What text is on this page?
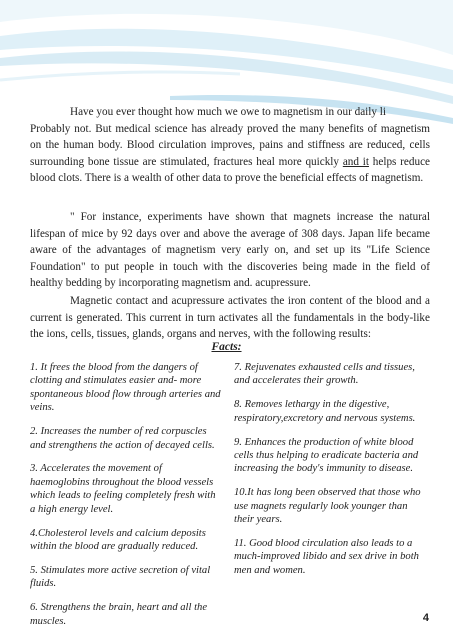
Have you ever thought how much we owe to magnetism in our daily li
Probably not. But medical science has already proved the many benefits of magnetism on the human body. Blood circulation improves, pains and stiffness are reduced, cells surrounding bone tissue are stimulated, fractures heal more quickly and it helps reduce blood clots. There is a wealth of other data to prove the beneficial effects of magnetism.

" For instance, experiments have shown that magnets increase the natural lifespan of mice by 92 days over and above the average of 308 days. Japan life became aware of the advantages of magnetism very early on, and set up its "Life Science Foundation" to put people in touch with the discoveries being made in the field of healthy bedding by incorporating magnetism and. acupressure.

Magnetic contact and acupressure activates the iron content of the blood and a current is generated. This current in turn activates all the fundamentals in the body-like the ions, cells, tissues, glands, organs and nerves, with the following results:

Facts:

1. It frees the blood from the dangers of clotting and stimulates easier and- more spontaneous blood flow through arteries and veins.

2. Increases the number of red corpuscles and strengthens the action of decayed cells.

3. Accelerates the movement of haemoglobins throughout the blood vessels which leads to feeling completely fresh with a high energy level.

4.Cholesterol levels and calcium deposits within the blood are gradually reduced.

5. Stimulates more active secretion of vital fluids.

6. Strengthens the brain, heart and all the muscles.

7. Rejuvenates exhausted cells and tissues, and accelerates their growth.

8. Removes lethargy in the digestive, respiratory,excretory and nervous systems.

9. Enhances the production of white blood cells thus helping to eradicate bacteria and increasing the body's immunity to disease.

10.It has long been observed that those who use magnets regularly look younger than their years.

11. Good blood circulation also leads to a much-improved libido and sex drive in both men and women.

4
